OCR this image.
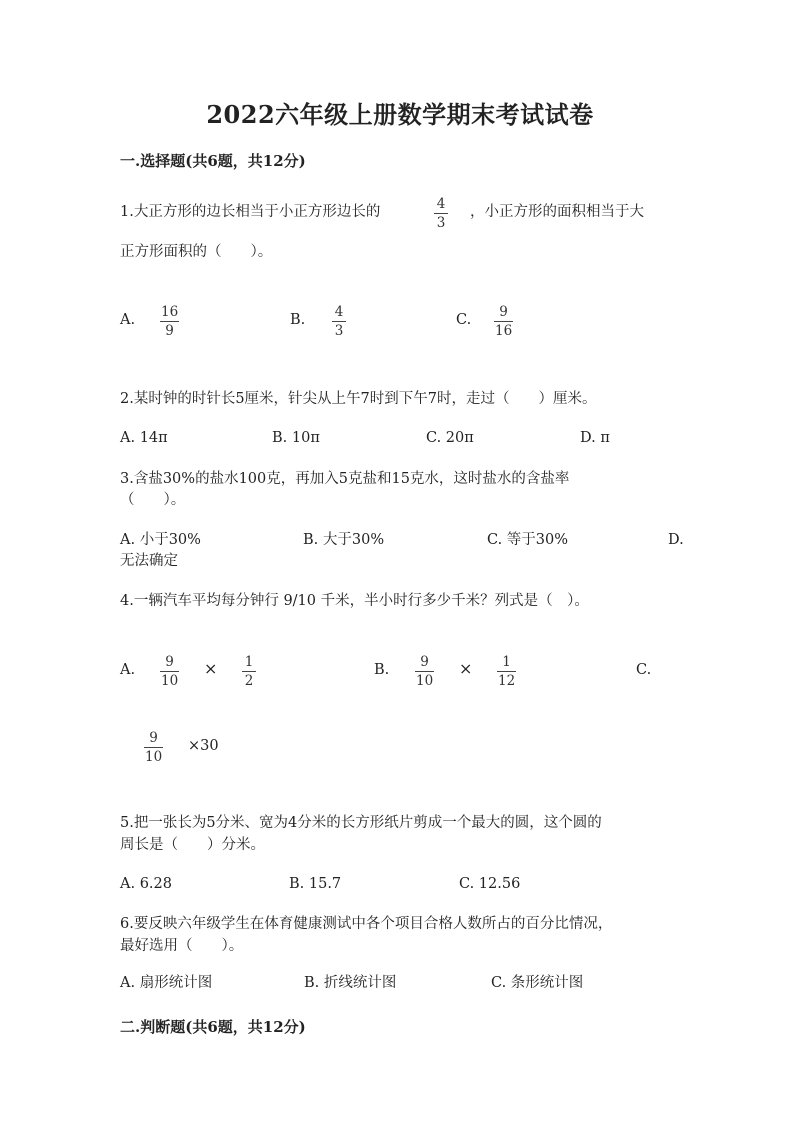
2022六年级上册数学期末考试试卷
一.选择题(共6题，共12分)
1.大正方形的边长相当于小正方形边长的	4
3
，小正方形的面积相当于大
正方形面积的（　　）。
A. 16
9
B. 4
3
C. 9
16
2.某时钟的时针长5厘米，针尖从上午7时到下午7时，走过（　　）厘米。
A. 14π	B. 10π	C. 20π	D. π
3.含盐30%的盐水100克，再加入5克盐和15克水，这时盐水的含盐率
（　　）。
A. 小于30%	B. 大于30%	C. 等于30%	D.
无法确定
4.一辆汽车平均每分钟行 9/10 千米，半小时行多少千米？列式是（　）。
A. 9
10
× 1
2
B. 9
10
× 1
12
C.
9
10
×30
5.把一张长为5分米、宽为4分米的长方形纸片剪成一个最大的圆，这个圆的
周长是（　　）分米。
A. 6.28	B. 15.7	C. 12.56
6.要反映六年级学生在体育健康测试中各个项目合格人数所占的百分比情况，
最好选用（　　）。
A. 扇形统计图	B. 折线统计图	C. 条形统计图
二.判断题(共6题，共12分)
